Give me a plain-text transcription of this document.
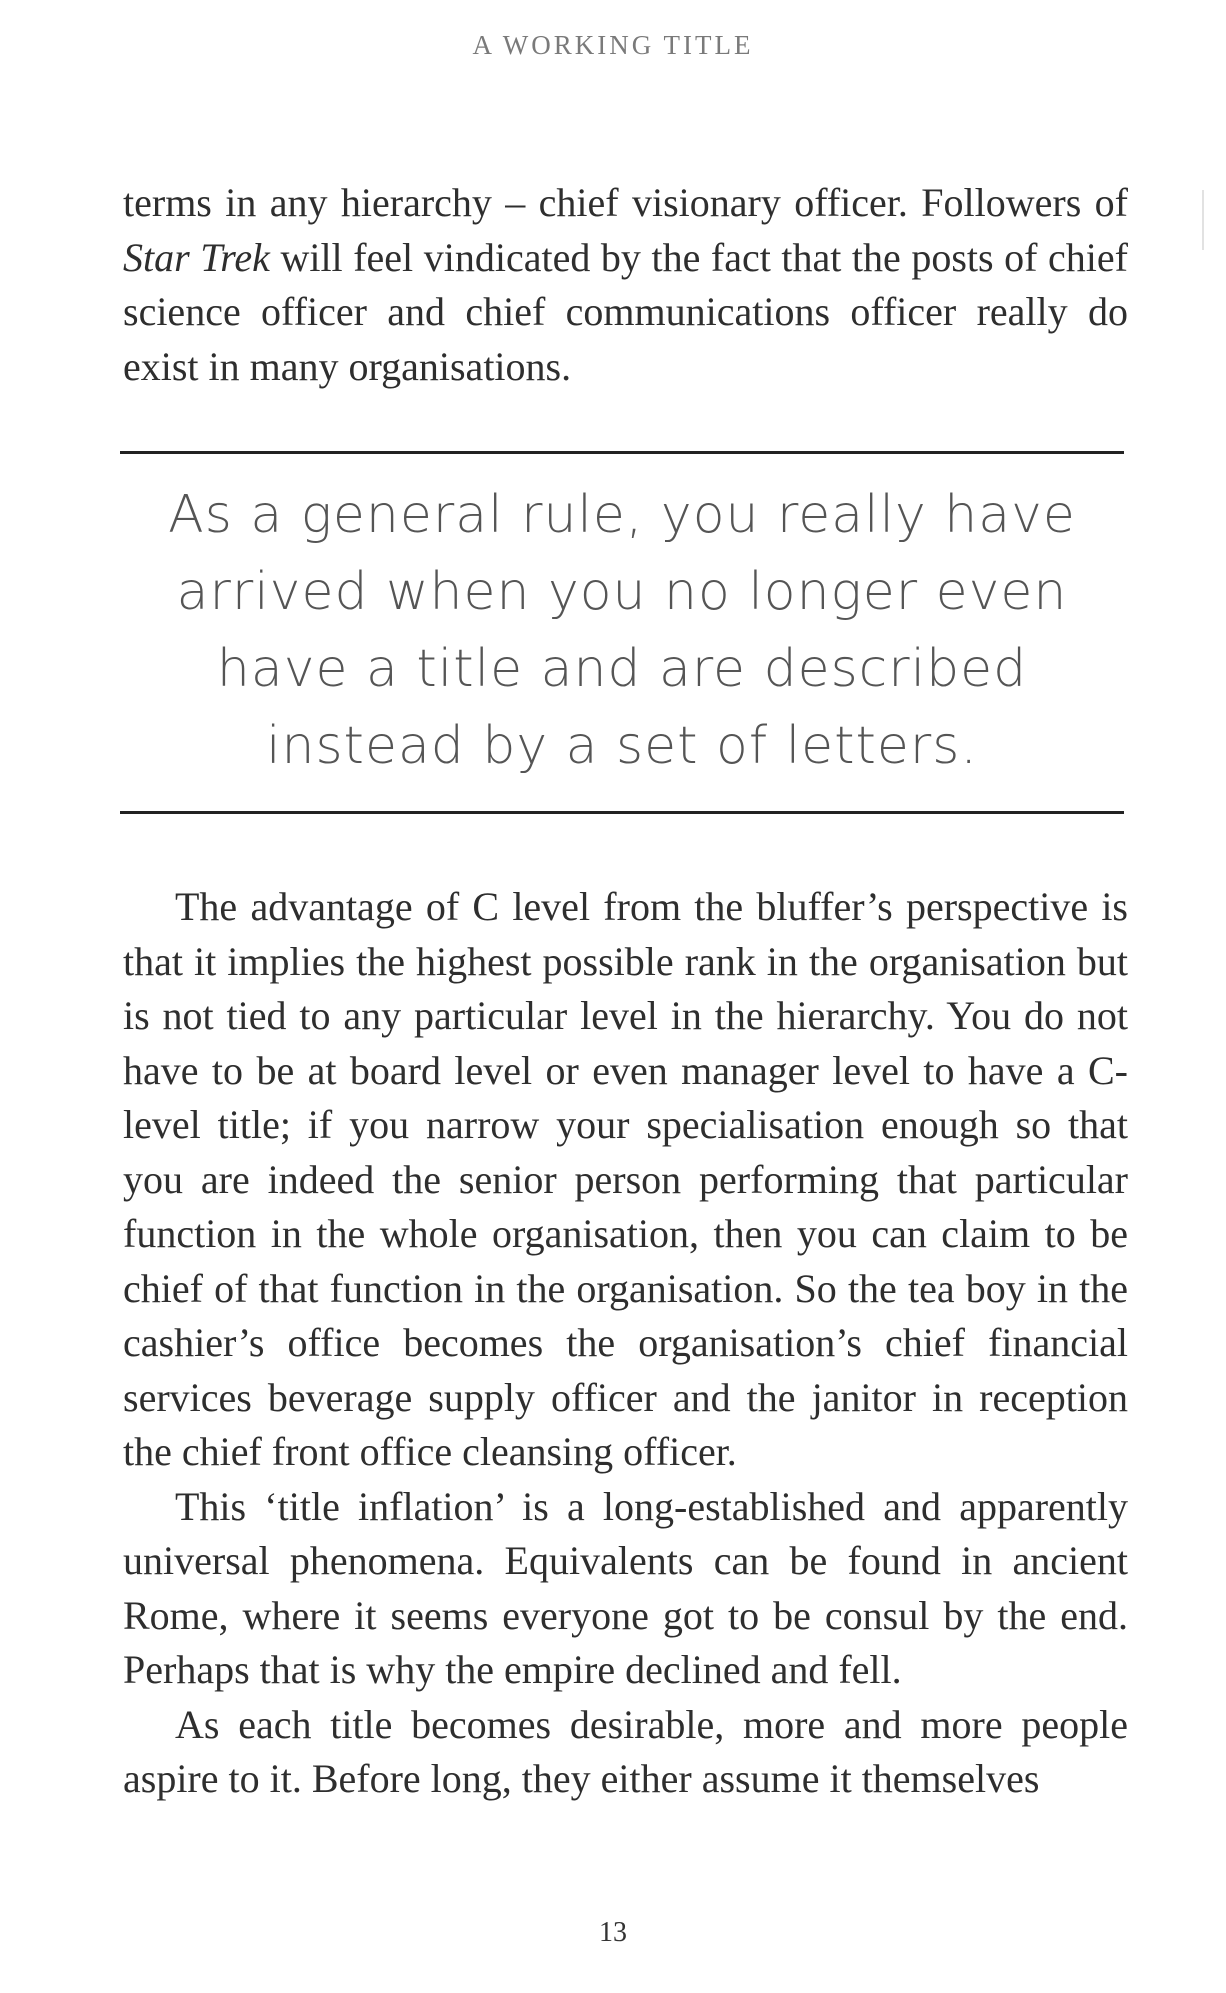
A WORKING TITLE

terms in any hierarchy – chief visionary officer. Followers of Star Trek will feel vindicated by the fact that the posts of chief science officer and chief communications officer really do exist in many organisations.

As a general rule, you really have arrived when you no longer even have a title and are described instead by a set of letters.

The advantage of C level from the bluffer’s perspective is that it implies the highest possible rank in the organisation but is not tied to any particular level in the hierarchy. You do not have to be at board level or even manager level to have a C-level title; if you narrow your specialisation enough so that you are indeed the senior person performing that particular function in the whole organisation, then you can claim to be chief of that function in the organisation. So the tea boy in the cashier’s office becomes the organisation’s chief financial services beverage supply officer and the janitor in reception the chief front office cleansing officer.

This ‘title inflation’ is a long-established and apparently universal phenomena. Equivalents can be found in ancient Rome, where it seems everyone got to be consul by the end. Perhaps that is why the empire declined and fell.

As each title becomes desirable, more and more people aspire to it. Before long, they either assume it themselves

13
